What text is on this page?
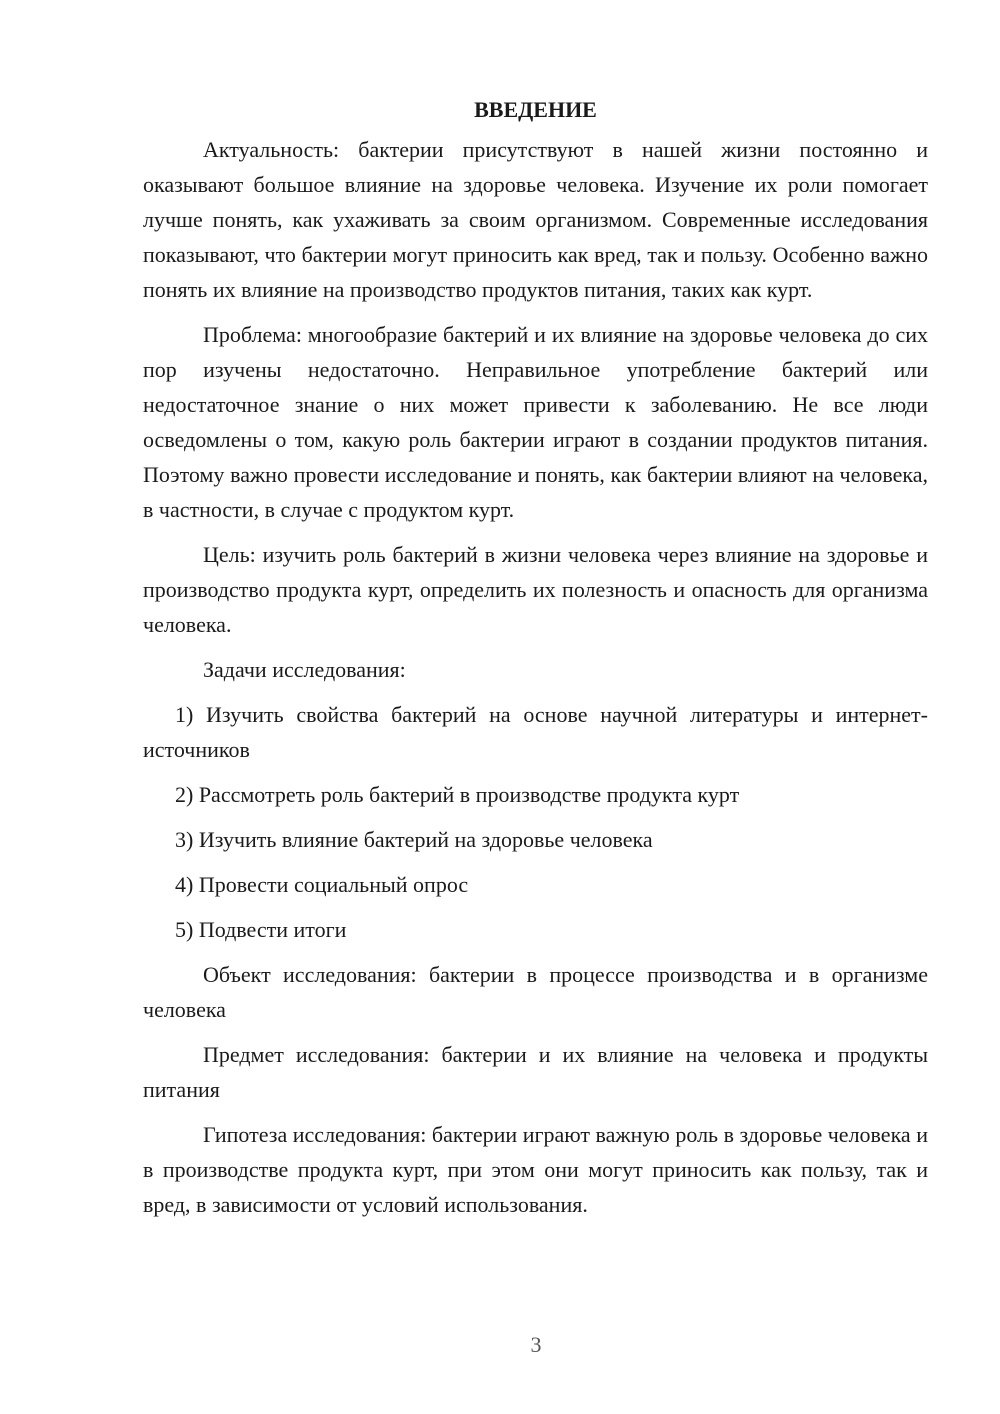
ВВЕДЕНИЕ

Актуальность: бактерии присутствуют в нашей жизни постоянно и оказывают большое влияние на здоровье человека. Изучение их роли помогает лучше понять, как ухаживать за своим организмом. Современные исследования показывают, что бактерии могут приносить как вред, так и пользу. Особенно важно понять их влияние на производство продуктов питания, таких как курт.

Проблема: многообразие бактерий и их влияние на здоровье человека до сих пор изучены недостаточно. Неправильное употребление бактерий или недостаточное знание о них может привести к заболеванию. Не все люди осведомлены о том, какую роль бактерии играют в создании продуктов питания. Поэтому важно провести исследование и понять, как бактерии влияют на человека, в частности, в случае с продуктом курт.

Цель: изучить роль бактерий в жизни человека через влияние на здоровье и производство продукта курт, определить их полезность и опасность для организма человека.

Задачи исследования:

1) Изучить свойства бактерий на основе научной литературы и интернет-источников

2) Рассмотреть роль бактерий в производстве продукта курт

3) Изучить влияние бактерий на здоровье человека

4) Провести социальный опрос

5) Подвести итоги

Объект исследования: бактерии в процессе производства и в организме человека

Предмет исследования: бактерии и их влияние на человека и продукты питания

Гипотеза исследования: бактерии играют важную роль в здоровье человека и в производстве продукта курт, при этом они могут приносить как пользу, так и вред, в зависимости от условий использования.

3
